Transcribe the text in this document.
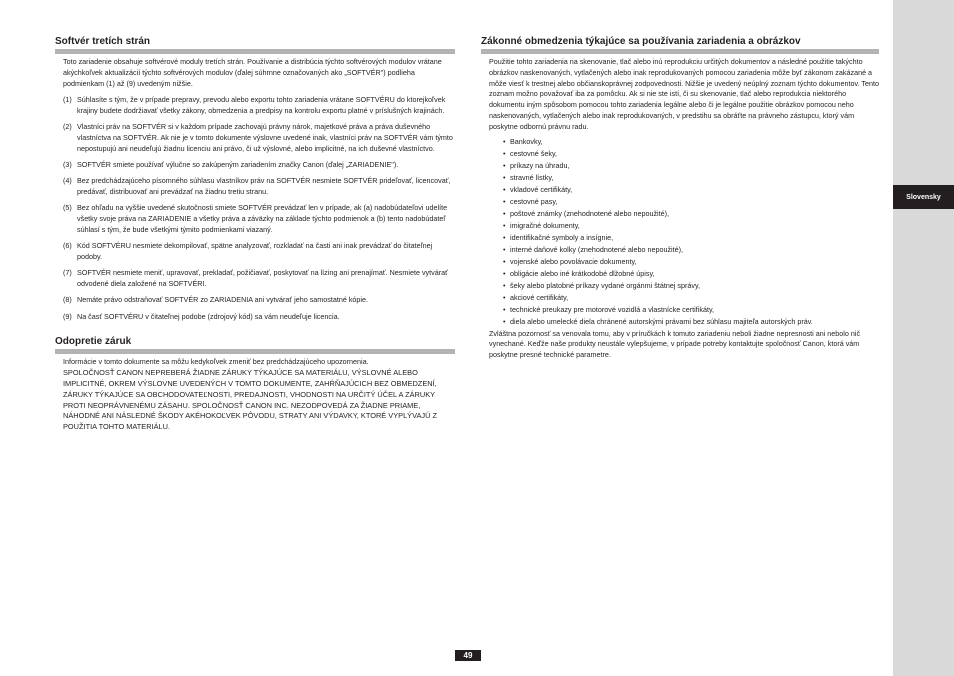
Slovensky
Softvér tretích strán

Toto zariadenie obsahuje softvérové moduly tretích strán. Používanie a distribúcia týchto softvérových modulov vrátane akýchkoľvek aktualizácií týchto softvérových modulov (ďalej súhrnne označovaných ako „SOFTVÉR") podlieha podmienkam (1) až (9) uvedeným nižšie.

(1) Súhlasíte s tým, že v prípade prepravy, prevodu alebo exportu tohto zariadenia vrátane SOFTVÉRU do ktorejkoľvek krajiny budete dodržiavať všetky zákony, obmedzenia a predpisy na kontrolu exportu platné v príslušných krajinách.
(2) Vlastníci práv na SOFTVÉR si v každom prípade zachovajú právny nárok, majetkové práva a práva duševného vlastníctva na SOFTVÉR. Ak nie je v tomto dokumente výslovne uvedené inak, vlastníci práv na SOFTVÉR vám týmto nepostupujú ani neudeľujú žiadnu licenciu ani právo, či už výslovné, alebo implicitné, na ich duševné vlastníctvo.
(3) SOFTVÉR smiete používať výlučne so zakúpeným zariadením značky Canon (ďalej „ZARIADENIE").
(4) Bez predchádzajúceho písomného súhlasu vlastníkov práv na SOFTVÉR nesmiete SOFTVÉR prideľovať, licencovať, predávať, distribuovať ani prevádzať na žiadnu tretiu stranu.
(5) Bez ohľadu na vyššie uvedené skutočnosti smiete SOFTVÉR prevádzať len v prípade, ak (a) nadobúdateľovi udelíte všetky svoje práva na ZARIADENIE a všetky práva a záväzky na základe týchto podmienok a (b) tento nadobúdateľ súhlasí s tým, že bude všetkými týmito podmienkami viazaný.
(6) Kód SOFTVÉRU nesmiete dekompilovať, spätne analyzovať, rozkladať na časti ani inak prevádzať do čitateľnej podoby.
(7) SOFTVÉR nesmiete meniť, upravovať, prekladať, požičiavať, poskytovať na lízing ani prenajímať. Nesmiete vytvárať odvodené diela založené na SOFTVÉRI.
(8) Nemáte právo odstraňovať SOFTVÉR zo ZARIADENIA ani vytvárať jeho samostatné kópie.
(9) Na časť SOFTVÉRU v čitateľnej podobe (zdrojový kód) sa vám neudeľuje licencia.
Odopretie záruk

Informácie v tomto dokumente sa môžu kedykoľvek zmeniť bez predchádzajúceho upozornenia.

SPOLOČNOSŤ CANON NEPREBERÁ ŽIADNE ZÁRUKY TÝKAJÚCE SA MATERIÁLU, VÝSLOVNÉ ALEBO IMPLICITNÉ, OKREM VÝSLOVNE UVEDENÝCH V TOMTO DOKUMENTE, ZAHŔŇAJÚCICH BEZ OBMEDZENÍ, ZÁRUKY TÝKAJÚCE SA OBCHODOVATEĽNOSTI, PREDAJNOSTI, VHODNOSTI NA URČITÝ ÚČEL A ZÁRUKY PROTI NEOPRÁVNENÉMU ZÁSAHU. SPOLOČNOSŤ CANON INC. NEZODPOVEDÁ ZA ŽIADNE PRIAME, NÁHODNÉ ANI NÁSLEDNÉ ŠKODY AKÉHOKOĽVEK PÔVODU, STRATY ANI VÝDAVKY, KTORÉ VYPLÝVAJÚ Z POUŽITIA TOHTO MATERIÁLU.

Zákonné obmedzenia týkajúce sa používania zariadenia a obrázkov

Použitie tohto zariadenia na skenovanie, tlač alebo inú reprodukciu určitých dokumentov a následné použitie takýchto obrázkov naskenovaných, vytlačených alebo inak reprodukovaných pomocou zariadenia môže byť zákonom zakázané a môže viesť k trestnej alebo občianskoprávnej zodpovednosti. Nižšie je uvedený neúplný zoznam týchto dokumentov. Tento zoznam možno považovať iba za pomôcku. Ak si nie ste istí, či su skenovanie, tlač alebo reprodukcia niektorého dokumentu iným spôsobom pomocou tohto zariadenia legálne alebo či je legálne použitie obrázkov pomocou neho naskenovaných, vytlačených alebo inak reprodukovaných, v predstihu sa obráťte na právneho zástupcu, ktorý vám poskytne odbornú právnu radu.

• Bankovky,
• cestovné šeky,
• príkazy na úhradu,
• stravné lístky,
• vkladové certifikáty,
• cestovné pasy,
• poštové známky (znehodnotené alebo nepoužité),
• imigračné dokumenty,
• identifikačné symboly a insígnie,
• interné daňové kolky (znehodnotené alebo nepoužité),
• vojenské alebo povolávacie dokumenty,
• obligácie alebo iné krátkodobé dlžobné úpisy,
• šeky alebo platobné príkazy vydané orgánmi štátnej správy,
• akciové certifikáty,
• technické preukazy pre motorové vozidlá a vlastnícke certifikáty,
• diela alebo umelecké diela chránené autorskými právami bez súhlasu majiteľa autorských práv.

Zvláštna pozornosť sa venovala tomu, aby v príručkách k tomuto zariadeniu neboli žiadne nepresnosti ani nebolo nič vynechané. Keďže naše produkty neustále vylepšujeme, v prípade potreby kontaktujte spoločnosť Canon, ktorá vám poskytne presné technické parametre.

49
